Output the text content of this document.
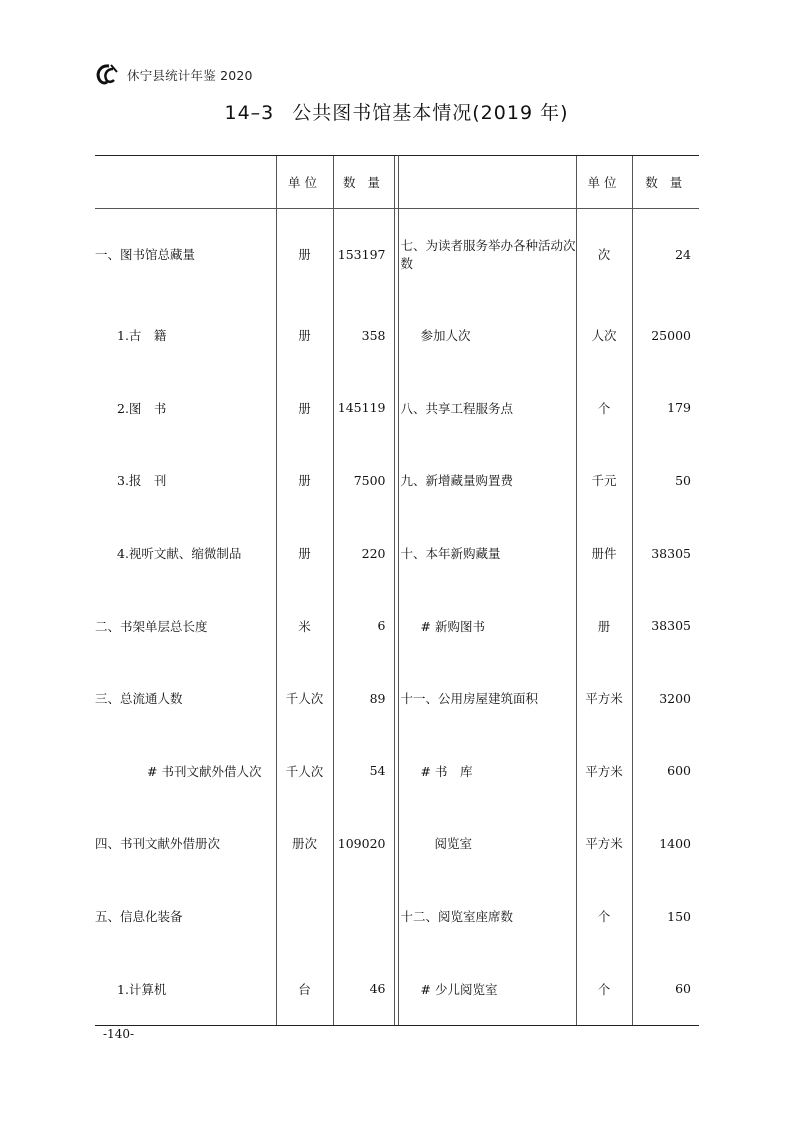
休宁县统计年鉴 2020
14–3 公共图书馆基本情况(2019 年)
	单位	数 量			单位	数 量
一、图书馆总藏量	册	153197		七、为读者服务举办各种活动次数	次	24
1.古　籍	册	358		参加人次	人次	25000
2.图　书	册	145119		八、共享工程服务点	个	179
3.报　刊	册	7500		九、新增藏量购置费	千元	50
4.视听文献、缩微制品	册	220		十、本年新购藏量	册件	38305
二、书架单层总长度	米	6		# 新购图书	册	38305
三、总流通人数	千人次	89		十一、公用房屋建筑面积	平方米	3200
# 书刊文献外借人次	千人次	54		# 书　库	平方米	600
四、书刊文献外借册次	册次	109020		阅览室	平方米	1400
五、信息化装备				十二、阅览室座席数	个	150
1.计算机	台	46		# 少儿阅览室	个	60
-140-
